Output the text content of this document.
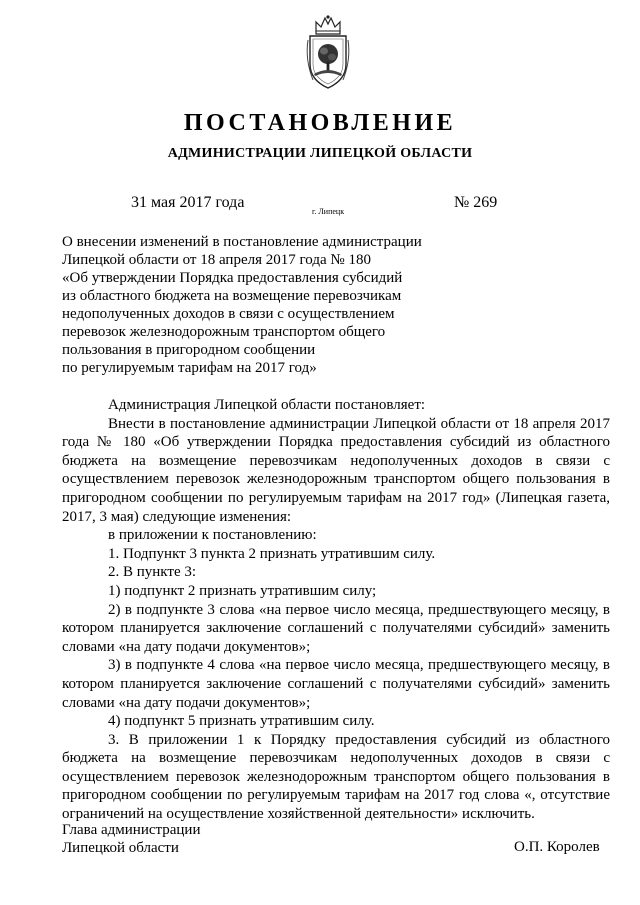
ПОСТАНОВЛЕНИЕ
АДМИНИСТРАЦИИ ЛИПЕЦКОЙ ОБЛАСТИ
31 мая 2017 года
г. Липецк
№ 269
О внесении изменений в постановление администрации
Липецкой области от 18 апреля 2017 года № 180
«Об утверждении Порядка предоставления субсидий
из областного бюджета на возмещение перевозчикам
недополученных доходов в связи с осуществлением
перевозок железнодорожным транспортом общего
пользования в пригородном сообщении
по регулируемым тарифам на 2017 год»

Администрация Липецкой области постановляет:

Внести в постановление администрации Липецкой области от 18 апреля 2017 года № 180 «Об утверждении Порядка предоставления субсидий из областного бюджета на возмещение перевозчикам недополученных доходов в связи с осуществлением перевозок железнодорожным транспортом общего пользования в пригородном сообщении по регулируемым тарифам на 2017 год» (Липецкая газета, 2017, 3 мая) следующие изменения:

в приложении к постановлению:

1. Подпункт 3 пункта 2 признать утратившим силу.

2. В пункте 3:

1) подпункт 2 признать утратившим силу;

2) в подпункте 3 слова «на первое число месяца, предшествующего месяцу, в котором планируется заключение соглашений с получателями субсидий» заменить словами «на дату подачи документов»;

3) в подпункте 4 слова «на первое число месяца, предшествующего месяцу, в котором планируется заключение соглашений с получателями субсидий» заменить словами «на дату подачи документов»;

4) подпункт 5 признать утратившим силу.

3. В приложении 1 к Порядку предоставления субсидий из областного бюджета на возмещение перевозчикам недополученных доходов в связи с осуществлением перевозок железнодорожным транспортом общего пользования в пригородном сообщении по регулируемым тарифам на 2017 год слова «, отсутствие ограничений на осуществление хозяйственной деятельности» исключить.

Глава администрации
Липецкой области	О.П. Королев
